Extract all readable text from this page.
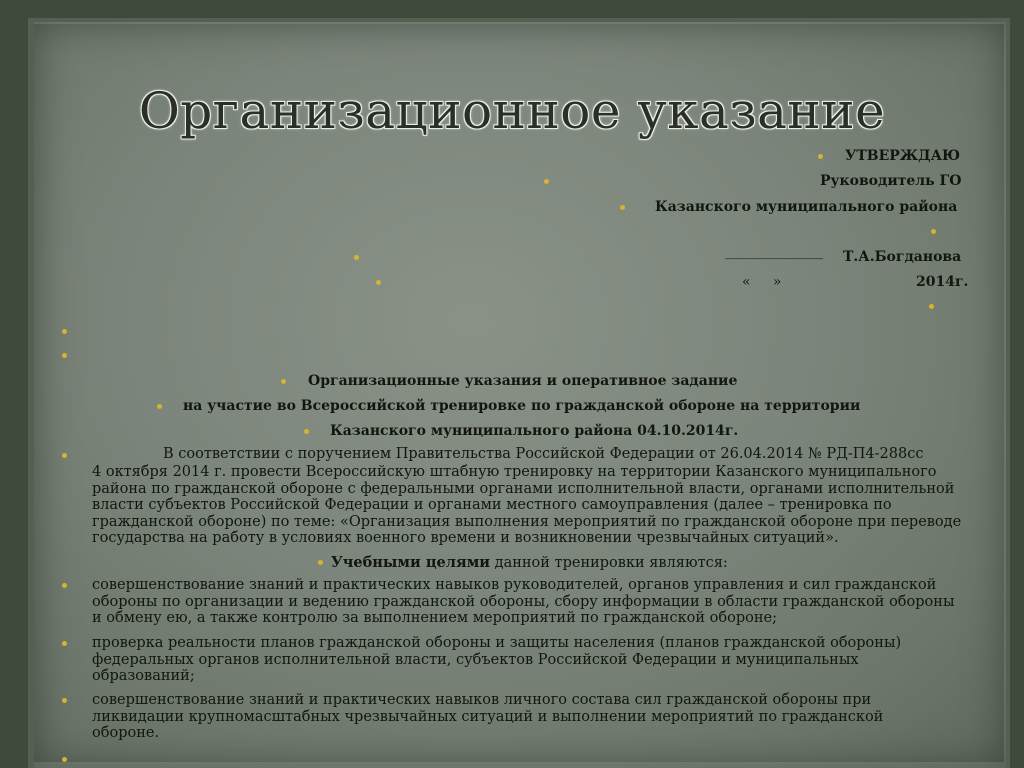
Организационное указание
УТВЕРЖДАЮ
Руководитель ГО
Казанского муниципального района
______________ Т.А.Богданова
«     »	2014г.
Организационные указания и оперативное задание
на участие во Всероссийской тренировке по гражданской обороне на территории
Казанского муниципального района 04.10.2014г.
В соответствии с поручением Правительства Российской Федерации от 26.04.2014 № РД-П4-288сс
4 октября 2014 г. провести Всероссийскую штабную тренировку на территории Казанского муниципального района по гражданской обороне с федеральными органами исполнительной власти, органами исполнительной власти субъектов Российской Федерации и органами местного самоуправления (далее – тренировка по гражданской обороне) по теме: «Организация выполнения мероприятий по гражданской обороне при переводе государства на работу в условиях военного времени и возникновении чрезвычайных ситуаций».
Учебными целями данной тренировки являются:
совершенствование знаний и практических навыков руководителей, органов управления и сил гражданской обороны по организации и ведению гражданской обороны, сбору информации в области гражданской обороны и обмену ею, а также контролю за выполнением мероприятий по гражданской обороне;
проверка реальности планов гражданской обороны и защиты населения (планов гражданской обороны) федеральных органов исполнительной власти, субъектов Российской Федерации и муниципальных образований;
совершенствование знаний и практических навыков личного состава сил гражданской обороны при ликвидации крупномасштабных чрезвычайных ситуаций и выполнении мероприятий по гражданской обороне.
